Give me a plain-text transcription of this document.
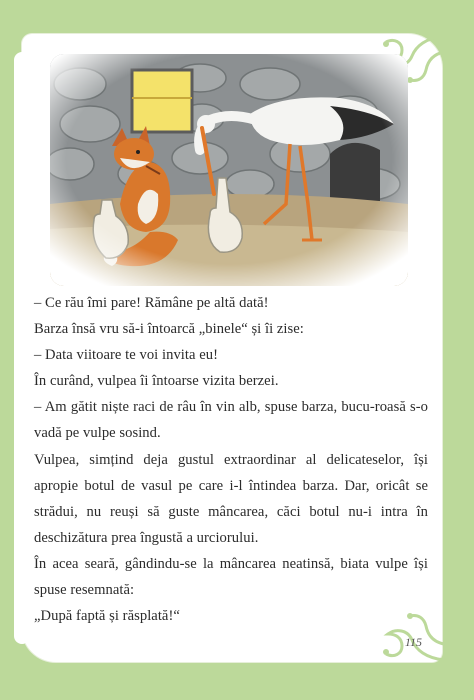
– Ce rău îmi pare! Rămâne pe altă dată!

Barza însă vru să-i întoarcă „binele“ și îi zise:

– Data viitoare te voi invita eu!

În curând, vulpea îi întoarse vizita berzei.

– Am gătit niște raci de râu în vin alb, spuse barza, bucu-roasă s-o vadă pe vulpe sosind.

Vulpea, simțind deja gustul extraordinar al delicateselor, își apropie botul de vasul pe care i-l întindea barza. Dar, oricât se strădui, nu reuși să guste mâncarea, căci botul nu-i intra în deschizătura prea îngustă a urciorului.

În acea seară, gândindu-se la mâncarea neatinsă, biata vulpe își spuse resemnată:

„După faptă și răsplată!“

115
